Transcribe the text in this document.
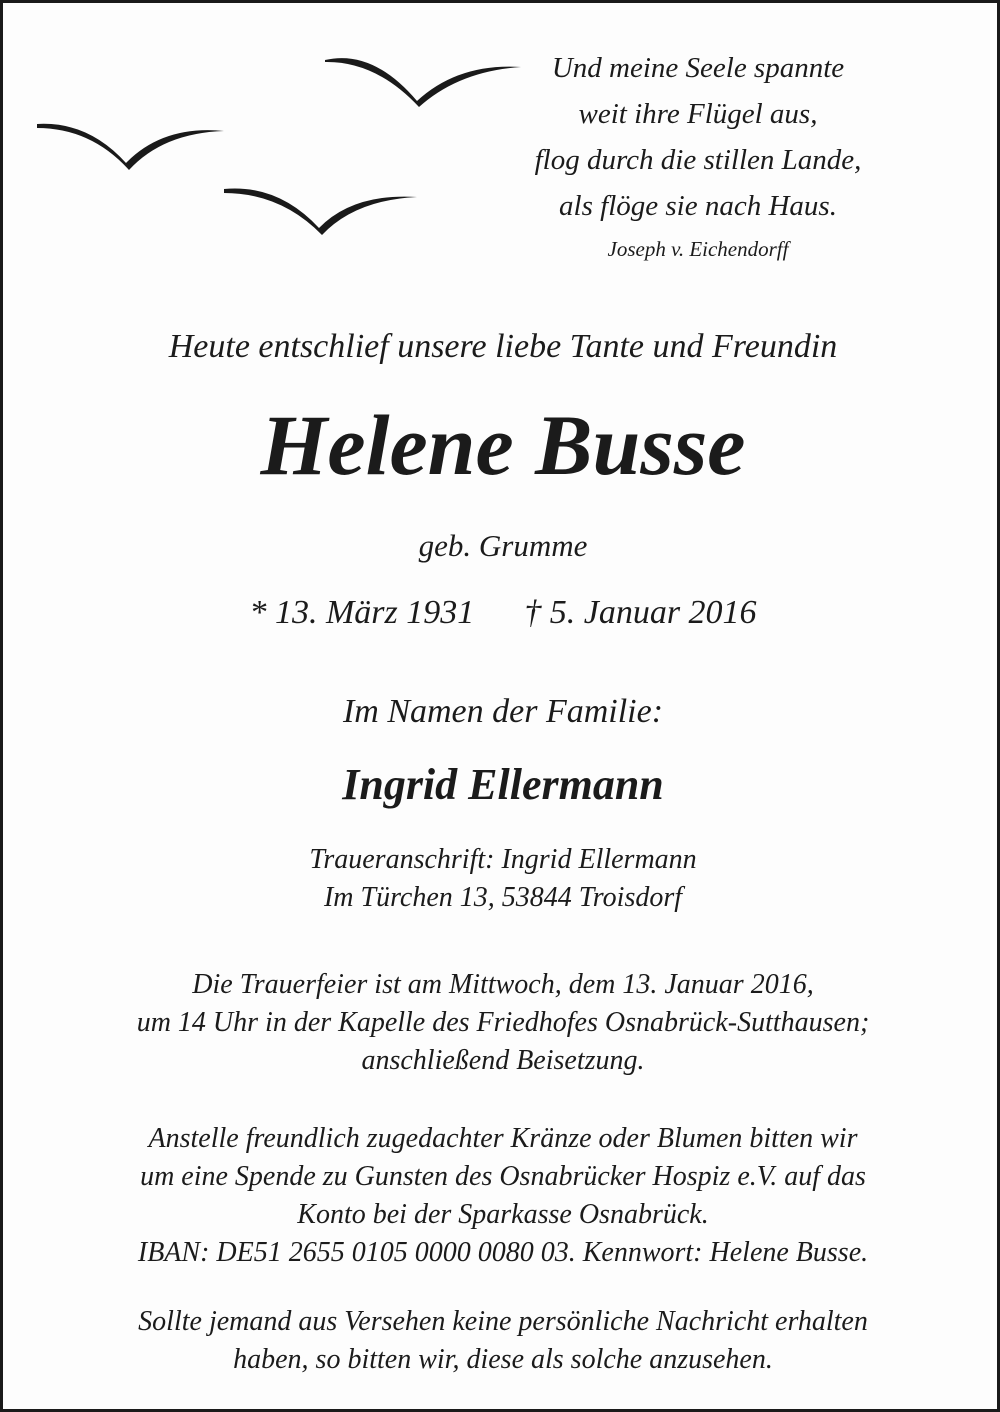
Und meine Seele spannte
weit ihre Flügel aus,
flog durch die stillen Lande,
als flöge sie nach Haus.
Joseph v. Eichendorff

Heute entschlief unsere liebe Tante und Freundin

Helene Busse

geb. Grumme

* 13. März 1931 † 5. Januar 2016

Im Namen der Familie:

Ingrid Ellermann
Traueranschrift: Ingrid Ellermann
Im Türchen 13, 53844 Troisdorf
Die Trauerfeier ist am Mittwoch, dem 13. Januar 2016,
um 14 Uhr in der Kapelle des Friedhofes Osnabrück-Sutthausen;
anschließend Beisetzung.
Anstelle freundlich zugedachter Kränze oder Blumen bitten wir
um eine Spende zu Gunsten des Osnabrücker Hospiz e.V. auf das
Konto bei der Sparkasse Osnabrück.
IBAN: DE51 2655 0105 0000 0080 03. Kennwort: Helene Busse.
Sollte jemand aus Versehen keine persönliche Nachricht erhalten
haben, so bitten wir, diese als solche anzusehen.
